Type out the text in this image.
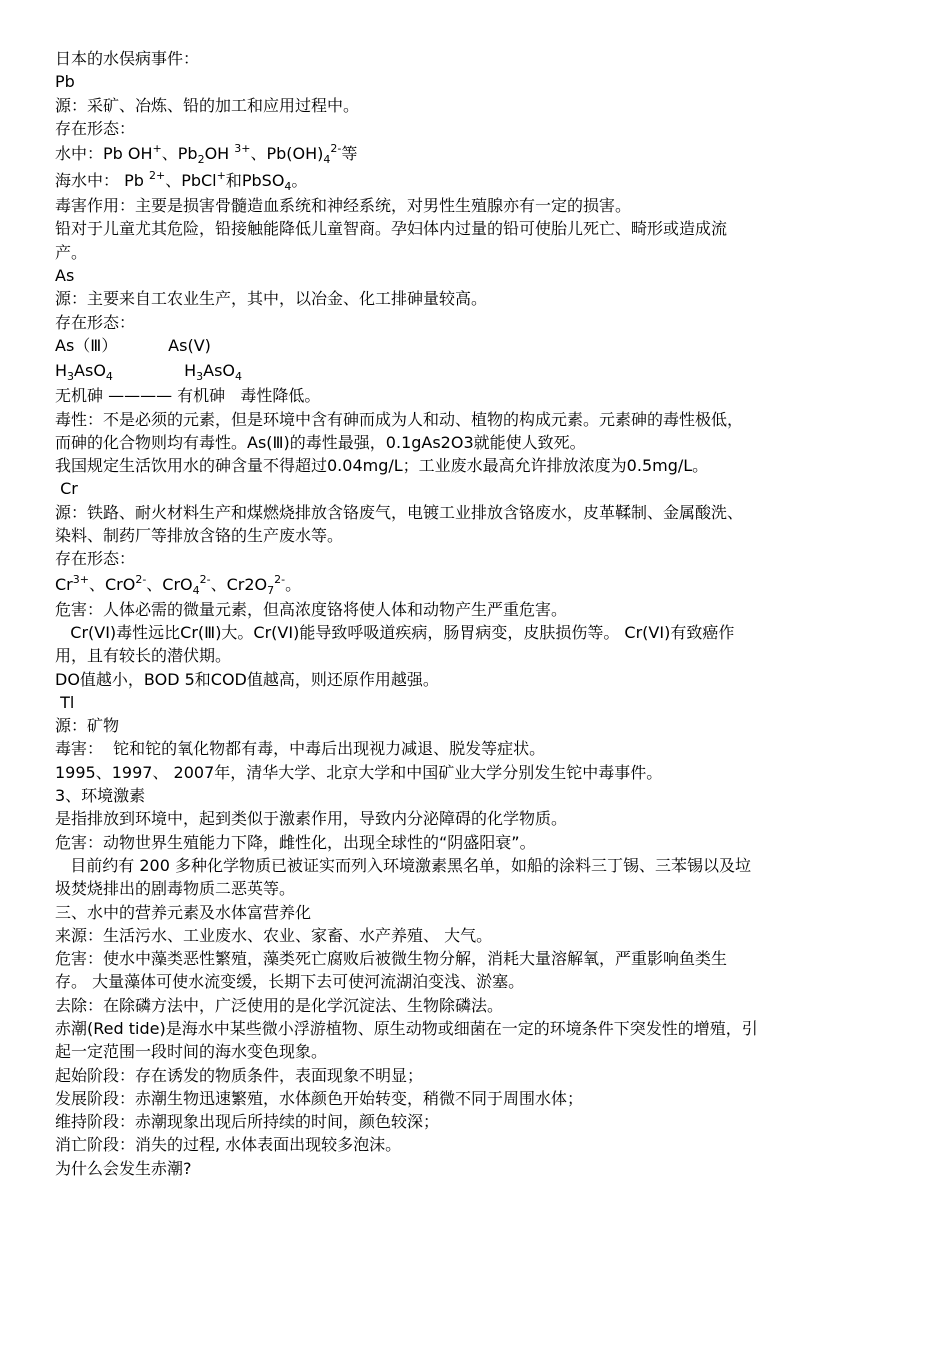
日本的水俣病事件：
Pb
源：采矿、冶炼、铅的加工和应用过程中。
存在形态：
水中：Pb OH+、$Pb_2OH$ $^{3+}$、$Pb(OH)_4^{2-}$等
海水中： Pb $^{2+}$、PbCl+和PbSO$_4$。
毒害作用：主要是损害骨髓造血系统和神经系统，对男性生殖腺亦有一定的损害。
铅对于儿童尤其危险，铅接触能降低儿童智商。孕妇体内过量的铅可使胎儿死亡、畸形或造成流
产。
As
源：主要来自工农业生产，其中，以冶金、化工排砷量较高。
存在形态：
As（Ⅲ）          As(Ⅴ)
$H_3AsO_4$              $H_3AsO_4$
无机砷 ———— 有机砷   毒性降低。
毒性：不是必须的元素，但是环境中含有砷而成为人和动、植物的构成元素。元素砷的毒性极低，
而砷的化合物则均有毒性。As(Ⅲ)的毒性最强，0.1gAs2O3就能使人致死。
我国规定生活饮用水的砷含量不得超过0.04mg/L；工业废水最高允许排放浓度为0.5mg/L。
Cr
源：铁路、耐火材料生产和煤燃烧排放含铬废气，电镀工业排放含铬废水，皮革鞣制、金属酸洗、
染料、制药厂等排放含铬的生产废水等。
存在形态：
$Cr^{3+}$、CrO$^{2-}$、CrO$_4^{2-}$、$Cr2O_7^{2-}$。
危害：人体必需的微量元素，但高浓度铬将使人体和动物产生严重危害。
Cr(VI)毒性远比Cr(Ⅲ)大。Cr(VI)能导致呼吸道疾病，肠胃病变，皮肤损伤等。 Cr(VI)有致癌作
用，且有较长的潜伏期。
DO值越小，BOD 5和COD值越高，则还原作用越强。
Tl
源：矿物
毒害：  铊和铊的氧化物都有毒，中毒后出现视力减退、脱发等症状。
1995、1997、 2007年，清华大学、北京大学和中国矿业大学分别发生铊中毒事件。
3、环境激素
是指排放到环境中，起到类似于激素作用，导致内分泌障碍的化学物质。
危害：动物世界生殖能力下降，雌性化，出现全球性的“阴盛阳衰”。
目前约有 200 多种化学物质已被证实而列入环境激素黑名单，如船的涂料三丁锡、三苯锡以及垃
圾焚烧排出的剧毒物质二恶英等。
三、水中的营养元素及水体富营养化
来源：生活污水、工业废水、农业、家畜、水产养殖、 大气。
危害：使水中藻类恶性繁殖，藻类死亡腐败后被微生物分解，消耗大量溶解氧，严重影响鱼类生
存。 大量藻体可使水流变缓，长期下去可使河流湖泊变浅、淤塞。
去除：在除磷方法中，广泛使用的是化学沉淀法、生物除磷法。
赤潮(Red tide)是海水中某些微小浮游植物、原生动物或细菌在一定的环境条件下突发性的增殖，引
起一定范围一段时间的海水变色现象。
起始阶段：存在诱发的物质条件，表面现象不明显；
发展阶段：赤潮生物迅速繁殖，水体颜色开始转变，稍微不同于周围水体；
维持阶段：赤潮现象出现后所持续的时间，颜色较深；
消亡阶段：消失的过程, 水体表面出现较多泡沫。
为什么会发生赤潮?
